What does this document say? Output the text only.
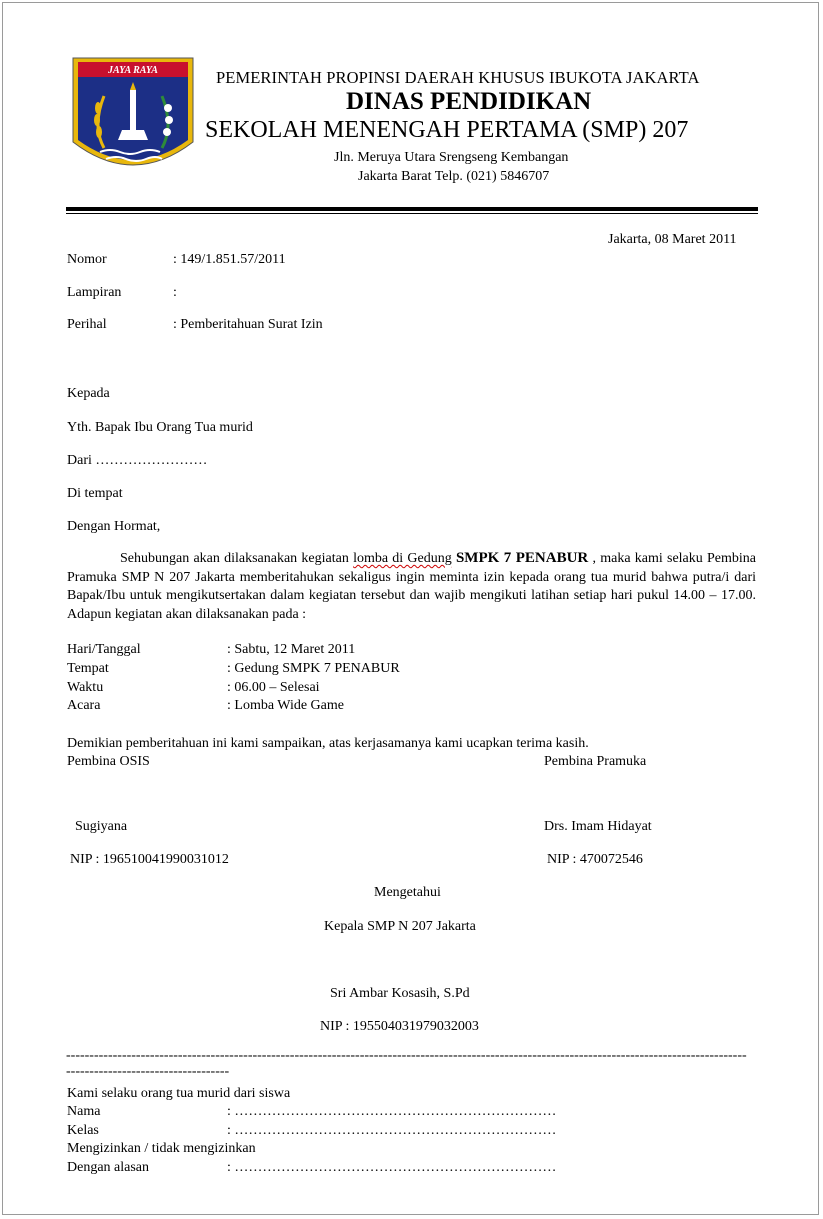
JAYA RAYA	PEMERINTAH PROPINSI DAERAH KHUSUS IBUKOTA JAKARTA
DINAS PENDIDIKAN
SEKOLAH MENENGAH PERTAMA (SMP) 207
Jln. Meruya Utara Srengseng Kembangan
Jakarta Barat Telp. (021) 5846707
Jakarta, 08 Maret 2011
Nomor	: 149/1.851.57/2011
Lampiran	:
Perihal	: Pemberitahuan Surat Izin
Kepada
Yth. Bapak Ibu Orang Tua murid
Dari ……………………
Di tempat
Dengan Hormat,
Sehubungan akan dilaksanakan kegiatan lomba di Gedung SMPK 7 PENABUR , maka kami selaku Pembina Pramuka SMP N 207 Jakarta memberitahukan sekaligus ingin meminta izin kepada orang tua murid bahwa putra/i dari Bapak/Ibu untuk mengikutsertakan dalam kegiatan tersebut dan wajib mengikuti latihan setiap hari pukul 14.00 – 17.00. Adapun kegiatan akan dilaksanakan pada :
Hari/Tanggal	: Sabtu, 12 Maret 2011
Tempat	: Gedung SMPK 7 PENABUR
Waktu	: 06.00 – Selesai
Acara	: Lomba Wide Game
Demikian pemberitahuan ini kami sampaikan, atas kerjasamanya kami ucapkan terima kasih.
Pembina OSIS	Pembina Pramuka
Sugiyana	Drs. Imam Hidayat
NIP : 196510041990031012	NIP : 470072546
Mengetahui
Kepala SMP N 207 Jakarta
Sri Ambar Kosasih, S.Pd
NIP : 195504031979032003
-------------------------------------------------------------------------------------------------------------------------------------------------------------------------------------
Kami selaku orang tua murid dari siswa
Nama	: ……………………………………………………………
Kelas	: ……………………………………………………………
Mengizinkan / tidak mengizinkan
Dengan alasan	: ……………………………………………………………
